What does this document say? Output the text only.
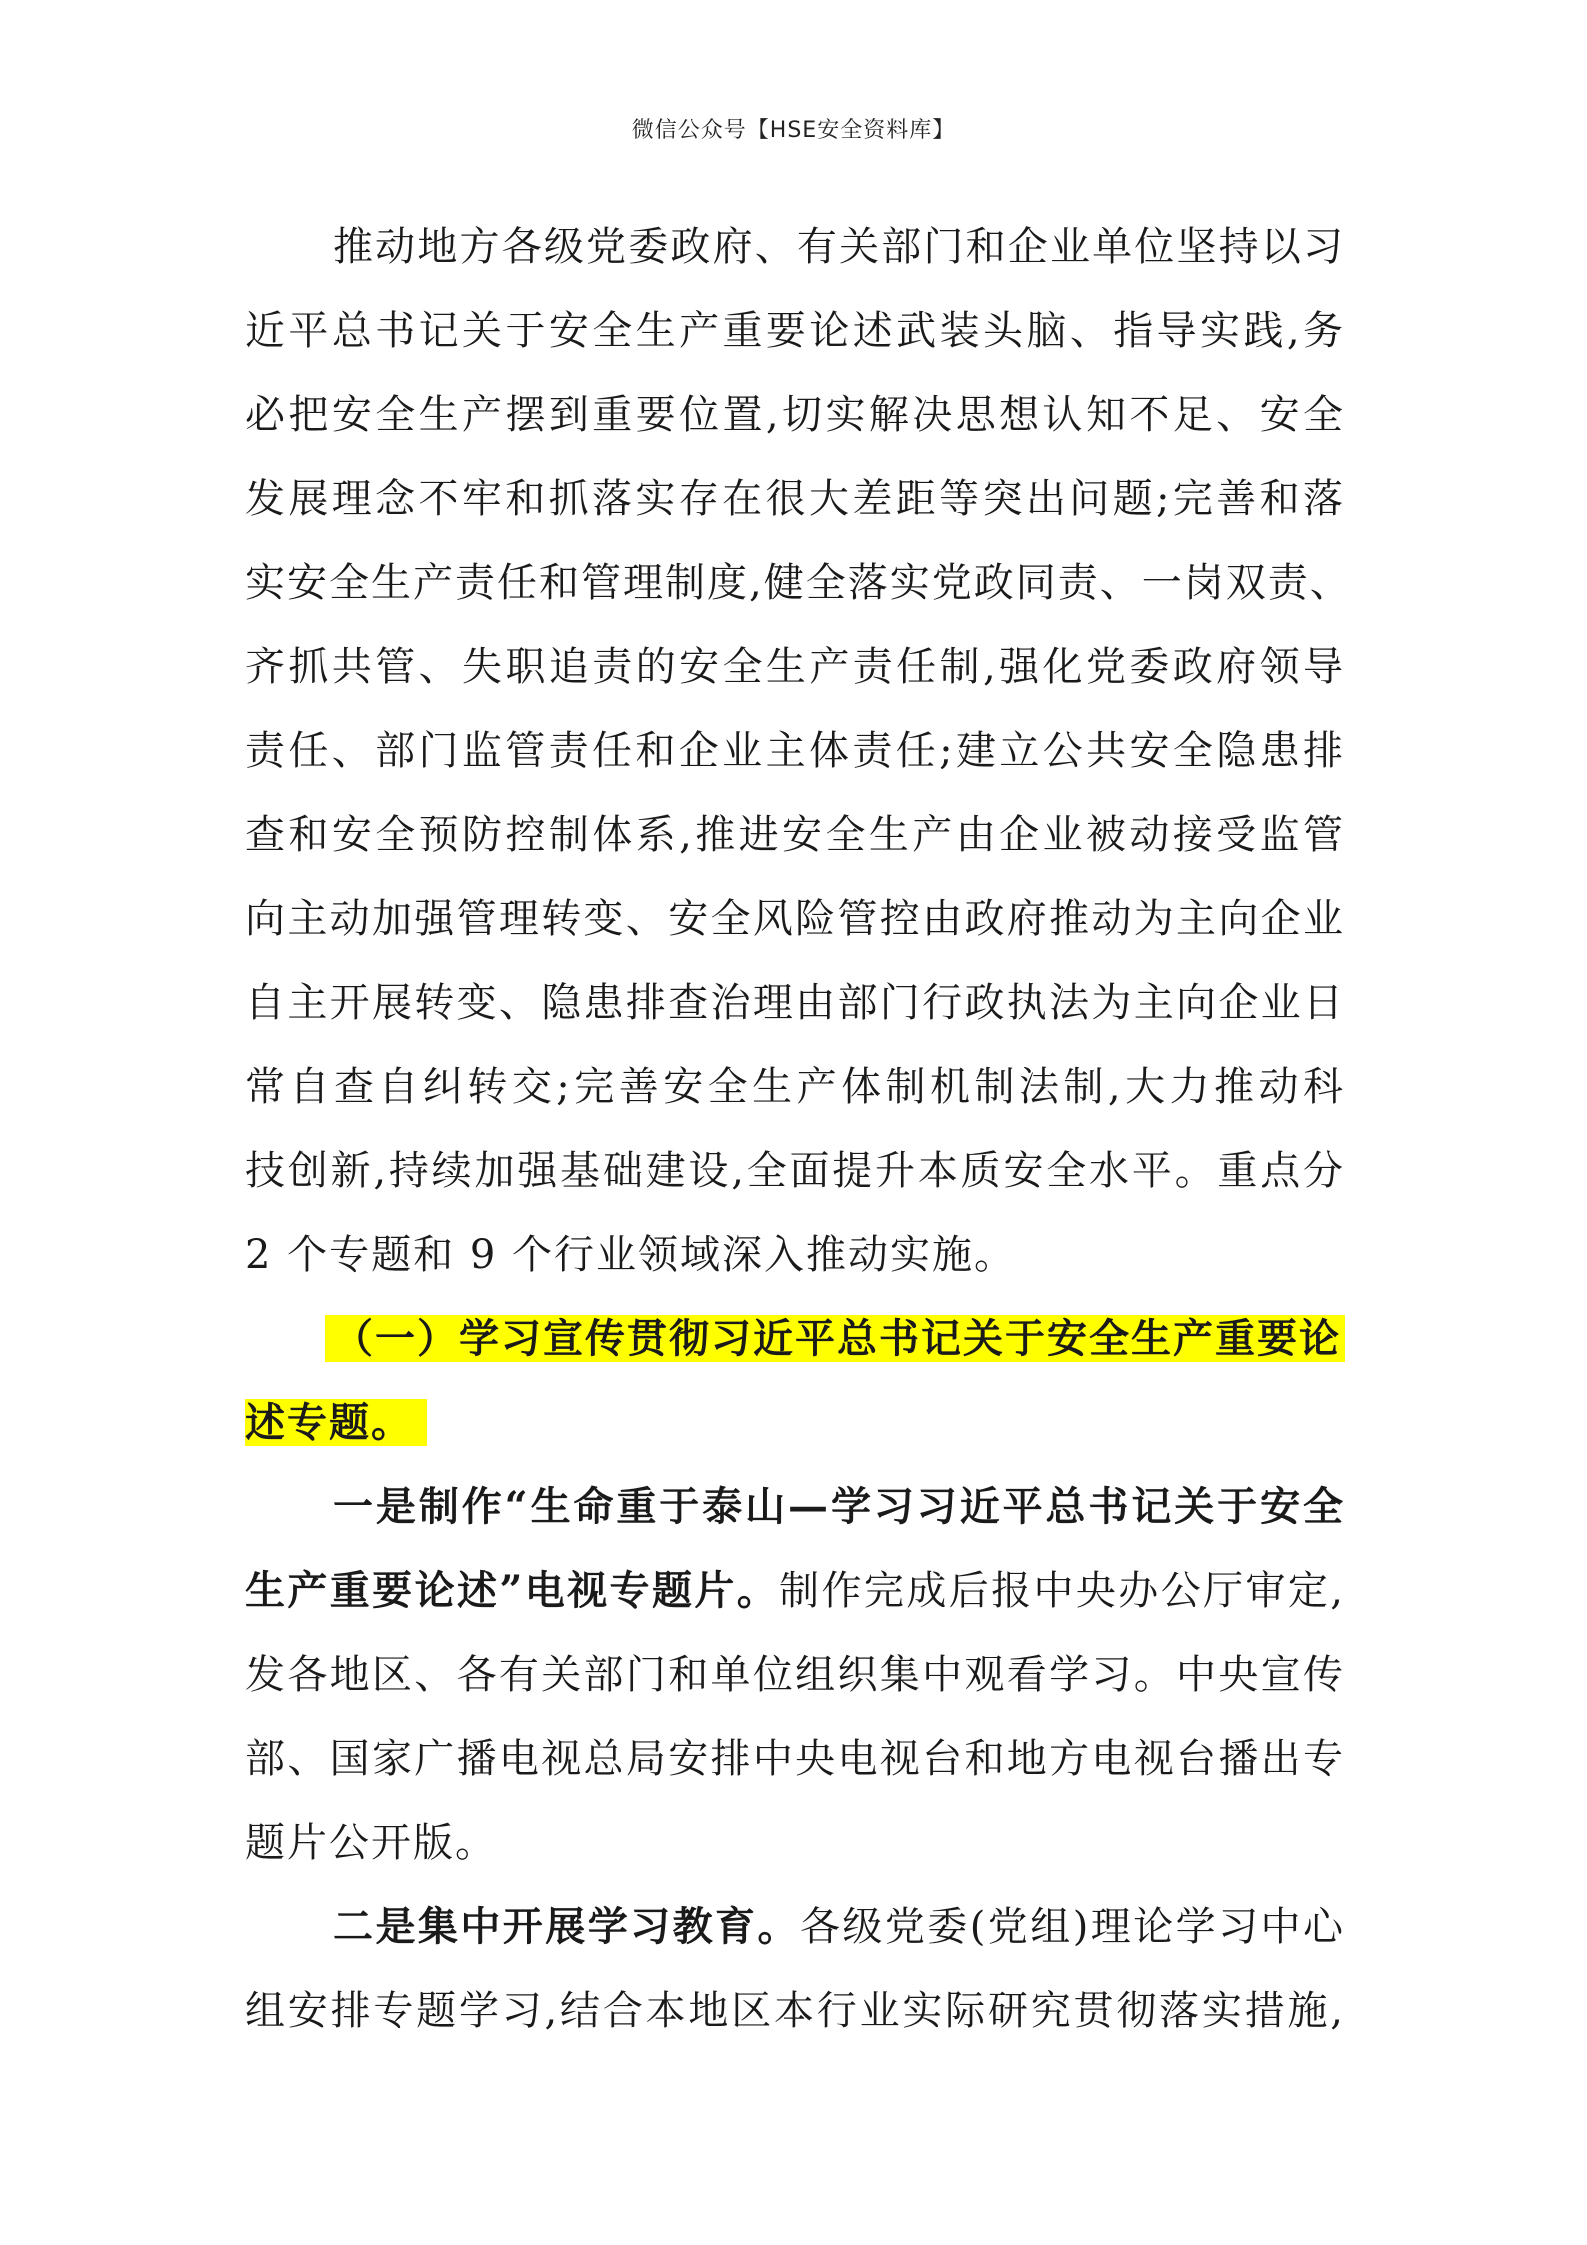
微信公众号【HSE安全资料库】
推动地方各级党委政府、有关部门和企业单位坚持以习
近平总书记关于安全生产重要论述武装头脑、指导实践,务
必把安全生产摆到重要位置,切实解决思想认知不足、安全
发展理念不牢和抓落实存在很大差距等突出问题;完善和落
实安全生产责任和管理制度,健全落实党政同责、一岗双责、
齐抓共管、失职追责的安全生产责任制,强化党委政府领导
责任、部门监管责任和企业主体责任;建立公共安全隐患排
查和安全预防控制体系,推进安全生产由企业被动接受监管
向主动加强管理转变、安全风险管控由政府推动为主向企业
自主开展转变、隐患排查治理由部门行政执法为主向企业日
常自查自纠转交;完善安全生产体制机制法制,大力推动科
技创新,持续加强基础建设,全面提升本质安全水平。重点分
2 个专题和 9 个行业领域深入推动实施。
（一）学习宣传贯彻习近平总书记关于安全生产重要论
述专题。
一是制作“生命重于泰山—学习习近平总书记关于安全
生产重要论述”电视专题片。制作完成后报中央办公厅审定,
发各地区、各有关部门和单位组织集中观看学习。中央宣传
部、国家广播电视总局安排中央电视台和地方电视台播出专
题片公开版。
二是集中开展学习教育。各级党委(党组)理论学习中心
组安排专题学习,结合本地区本行业实际研究贯彻落实措施,
